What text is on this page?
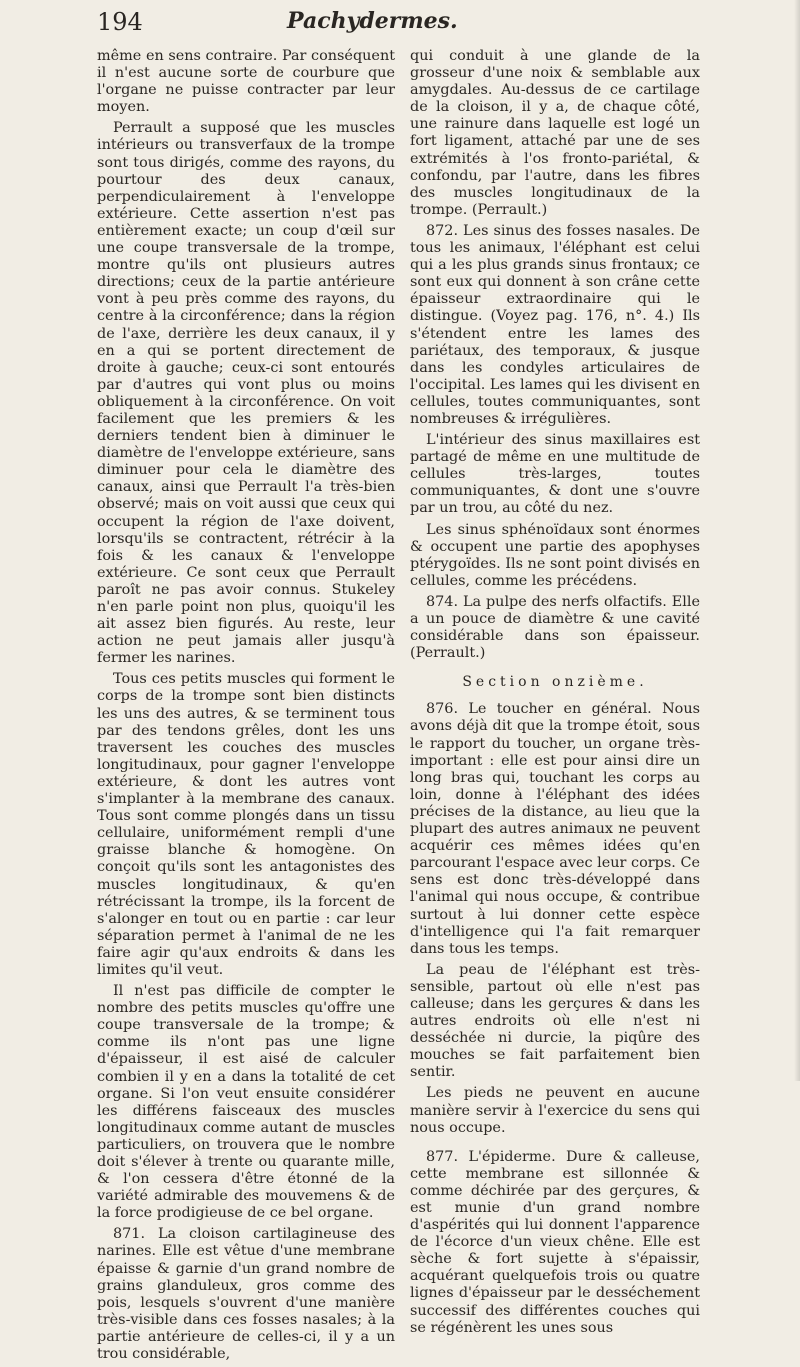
194	Pachydermes.

même en sens contraire. Par conséquent il n'est aucune sorte de courbure que l'organe ne puisse contracter par leur moyen.

Perrault a supposé que les muscles intérieurs ou transverfaux de la trompe sont tous dirigés, comme des rayons, du pourtour des deux canaux, perpendiculairement à l'enveloppe extérieure. Cette assertion n'est pas entièrement exacte; un coup d'œil sur une coupe transversale de la trompe, montre qu'ils ont plusieurs autres directions; ceux de la partie antérieure vont à peu près comme des rayons, du centre à la circonférence; dans la région de l'axe, derrière les deux canaux, il y en a qui se portent directement de droite à gauche; ceux-ci sont entourés par d'autres qui vont plus ou moins obliquement à la circonférence. On voit facilement que les premiers & les derniers tendent bien à diminuer le diamètre de l'enveloppe extérieure, sans diminuer pour cela le diamètre des canaux, ainsi que Perrault l'a très-bien observé; mais on voit aussi que ceux qui occupent la région de l'axe doivent, lorsqu'ils se contractent, rétrécir à la fois & les canaux & l'enveloppe extérieure. Ce sont ceux que Perrault paroît ne pas avoir connus. Stukeley n'en parle point non plus, quoiqu'il les ait assez bien figurés. Au reste, leur action ne peut jamais aller jusqu'à fermer les narines.

Tous ces petits muscles qui forment le corps de la trompe sont bien distincts les uns des autres, & se terminent tous par des tendons grêles, dont les uns traversent les couches des muscles longitudinaux, pour gagner l'enveloppe extérieure, & dont les autres vont s'implanter à la membrane des canaux. Tous sont comme plongés dans un tissu cellulaire, uniformément rempli d'une graisse blanche & homogène. On conçoit qu'ils sont les antagonistes des muscles longitudinaux, & qu'en rétrécissant la trompe, ils la forcent de s'alonger en tout ou en partie : car leur séparation permet à l'animal de ne les faire agir qu'aux endroits & dans les limites qu'il veut.

Il n'est pas difficile de compter le nombre des petits muscles qu'offre une coupe transversale de la trompe; & comme ils n'ont pas une ligne d'épaisseur, il est aisé de calculer combien il y en a dans la totalité de cet organe. Si l'on veut ensuite considérer les différens faisceaux des muscles longitudinaux comme autant de muscles particuliers, on trouvera que le nombre doit s'élever à trente ou quarante mille, & l'on cessera d'être étonné de la variété admirable des mouvemens & de la force prodigieuse de ce bel organe.

871. La cloison cartilagineuse des narines. Elle est vêtue d'une membrane épaisse & garnie d'un grand nombre de grains glanduleux, gros comme des pois, lesquels s'ouvrent d'une manière très-visible dans ces fosses nasales; à la partie antérieure de celles-ci, il y a un trou considérable,

qui conduit à une glande de la grosseur d'une noix & semblable aux amygdales. Au-dessus de ce cartilage de la cloison, il y a, de chaque côté, une rainure dans laquelle est logé un fort ligament, attaché par une de ses extrémités à l'os fronto-pariétal, & confondu, par l'autre, dans les fibres des muscles longitudinaux de la trompe. (Perrault.)

872. Les sinus des fosses nasales. De tous les animaux, l'éléphant est celui qui a les plus grands sinus frontaux; ce sont eux qui donnent à son crâne cette épaisseur extraordinaire qui le distingue. (Voyez pag. 176, n°. 4.) Ils s'étendent entre les lames des pariétaux, des temporaux, & jusque dans les condyles articulaires de l'occipital. Les lames qui les divisent en cellules, toutes communiquantes, sont nombreuses & irrégulières.

L'intérieur des sinus maxillaires est partagé de même en une multitude de cellules très-larges, toutes communiquantes, & dont une s'ouvre par un trou, au côté du nez.

Les sinus sphénoïdaux sont énormes & occupent une partie des apophyses ptérygoïdes. Ils ne sont point divisés en cellules, comme les précédens.

874. La pulpe des nerfs olfactifs. Elle a un pouce de diamètre & une cavité considérable dans son épaisseur. (Perrault.)

Section onzième.

876. Le toucher en général. Nous avons déjà dit que la trompe étoit, sous le rapport du toucher, un organe très-important : elle est pour ainsi dire un long bras qui, touchant les corps au loin, donne à l'éléphant des idées précises de la distance, au lieu que la plupart des autres animaux ne peuvent acquérir ces mêmes idées qu'en parcourant l'espace avec leur corps. Ce sens est donc très-développé dans l'animal qui nous occupe, & contribue surtout à lui donner cette espèce d'intelligence qui l'a fait remarquer dans tous les temps.

La peau de l'éléphant est très-sensible, partout où elle n'est pas calleuse; dans les gerçures & dans les autres endroits où elle n'est ni desséchée ni durcie, la piqûre des mouches se fait parfaitement bien sentir.

Les pieds ne peuvent en aucune manière servir à l'exercice du sens qui nous occupe.

877. L'épiderme. Dure & calleuse, cette membrane est sillonnée & comme déchirée par des gerçures, & est munie d'un grand nombre d'aspérités qui lui donnent l'apparence de l'écorce d'un vieux chêne. Elle est sèche & fort sujette à s'épaissir, acquérant quelquefois trois ou quatre lignes d'épaisseur par le desséchement successif des différentes couches qui se régénèrent les unes sous
